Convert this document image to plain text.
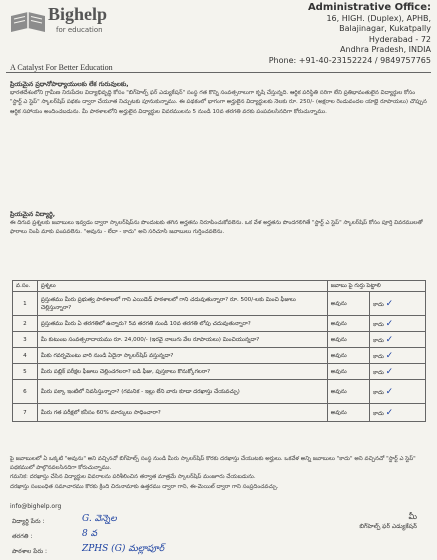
Bighelp
for education
A Catalyst For Better Education
Administrative Office:
16, HIGH. (Duplex), APHB,
Balajinagar, Kukatpally
Hyderabad - 72
Andhra Pradesh, INDIA
Phone: +91-40-23152224 / 9849757765
ప్రియమైన ప్రధానోపాధ్యాయులకు లేక గురువులకు,
భారతదేశంలోని గ్రామీణ నిరుపేదల విద్యాభివృద్ధి కోసం "బిగ్‌హెల్ప్ ఫర్ ఎడ్యుకేషన్" సంస్థ గత కొన్ని సంవత్సరాలుగా కృషి చేస్తున్నది. ఆర్థిక పరిస్థితి సరిగా లేని ప్రతిభావంతులైన విద్యార్థుల కోసం "స్టార్ట్ ఎ స్టెప్" స్కాలర్‌షిప్ పథకం ద్వారా చేయూత నిచ్చుటకు పూనుకున్నాము. ఈ పథకంలో భాగంగా అర్హులైన విద్యార్థులకు నెలకు రూ. 250/- (అక్షరాల రెండువందల యాభై రూపాయలు) చొప్పున ఆర్థిక సహాయం అందించబడును. మీ పాఠశాలలోని అర్హులైన విద్యార్థుల వివరములను 5 నుండి 10వ తరగతి వరకు పంపవలసినదిగా కోరుచున్నాము.
ప్రియమైన విద్యార్థి,
ఈ దిగువ ప్రశ్నలకు జవాబులు ఇవ్వడం ద్వారా స్కాలర్‌షిప్‌ను పొందుటకు తగిన అర్హతను నిరూపించుకోవలెను. ఒక వేళ అర్హతను పొందగలిగితే "స్టార్ట్ ఎ స్టెప్" స్కాలర్‌షిప్ కోసం పూర్తి వివరములతో ఫారాలు నింపి మాకు పంపవలెను. "అవును - లేదా - కాదు" అని సరిచూసి జవాబులు గుర్తించవలెను.
వ.సం.	ప్రశ్నలు	జవాబు పై గుర్తు పెట్టాలి	
1	ప్రస్తుతము మీరు ప్రభుత్వ పాఠశాలలో గాని ఎయిడెడ్ పాఠశాలలో గాని చదువుతున్నారా? రూ. 500/-లకు మించి ఫీజులు చెల్లిస్తున్నారా?	అవును	కాదు ✓
2	ప్రస్తుతము మీరు ఏ తరగతిలో ఉన్నారు? 5వ తరగతి నుండి 10వ తరగతి లోపు చదువుతున్నారా?	అవును	కాదు ✓
3	మీ కుటుంబ సంవత్సరాదాయము రూ. 24,000/- (ఇరవై నాలుగు వేల రూపాయలు) మించియున్నదా?	అవును	కాదు ✓
4	మీకు గవర్నమెంటు వారి నుండి ఏదైనా స్కాలర్‌షిప్ వస్తున్నదా?	అవును	కాదు ✓
5	మీరు పబ్లిక్ పరీక్షల ఫీజులు చెల్లించగలరా? బడి ఫీజు, పుస్తకాలు కొనుక్కోగలరా?	అవును	కాదు ✓
6	మీరు పక్కా ఇంటిలో నివసిస్తున్నారా? (గమనిక - ఇల్లు లేని వారు కూడా దరఖాస్తు చేయవచ్చు)	అవును	కాదు ✓
7	మీరు గత పరీక్షలో కనీసం 60% మార్కులు సాధించారా?	అవును	కాదు ✓
పై జవాబులలో ఏ ఒక్కటి "అవును" అని వచ్చినచో బిగ్‌హెల్ప్ సంస్థ నుండి మీరు స్కాలర్‌షిప్ కొరకు దరఖాస్తు చేయుటకు అర్హులు. ఒకవేళ అన్ని జవాబులు "కాదు" అని వచ్చినచో "స్టార్ట్ ఎ స్టెప్" పథకములో పాల్గొనవలసినదిగా కోరుచున్నాము.
గమనిక: దరఖాస్తు చేసిన విద్యార్థుల వివరాలను పరిశీలించిన తర్వాత మాత్రమే స్కాలర్‌షిప్ మంజూరు చేయబడును.
దరఖాస్తు సంబంధిత సమాచారము కొరకు క్రింది చిరునామాకు ఉత్తరము ద్వారా గాని, ఈ-మెయిల్ ద్వారా గాని సంప్రదించవచ్చు.
info@bighelp.org
మీ
బిగ్‌హెల్ప్ ఫర్ ఎడ్యుకేషన్
విద్యార్థి పేరు :	G. వెన్నెల
తరగతి :	8 వ
పాఠశాల పేరు :	ZPHS (G) మల్లాపూర్
